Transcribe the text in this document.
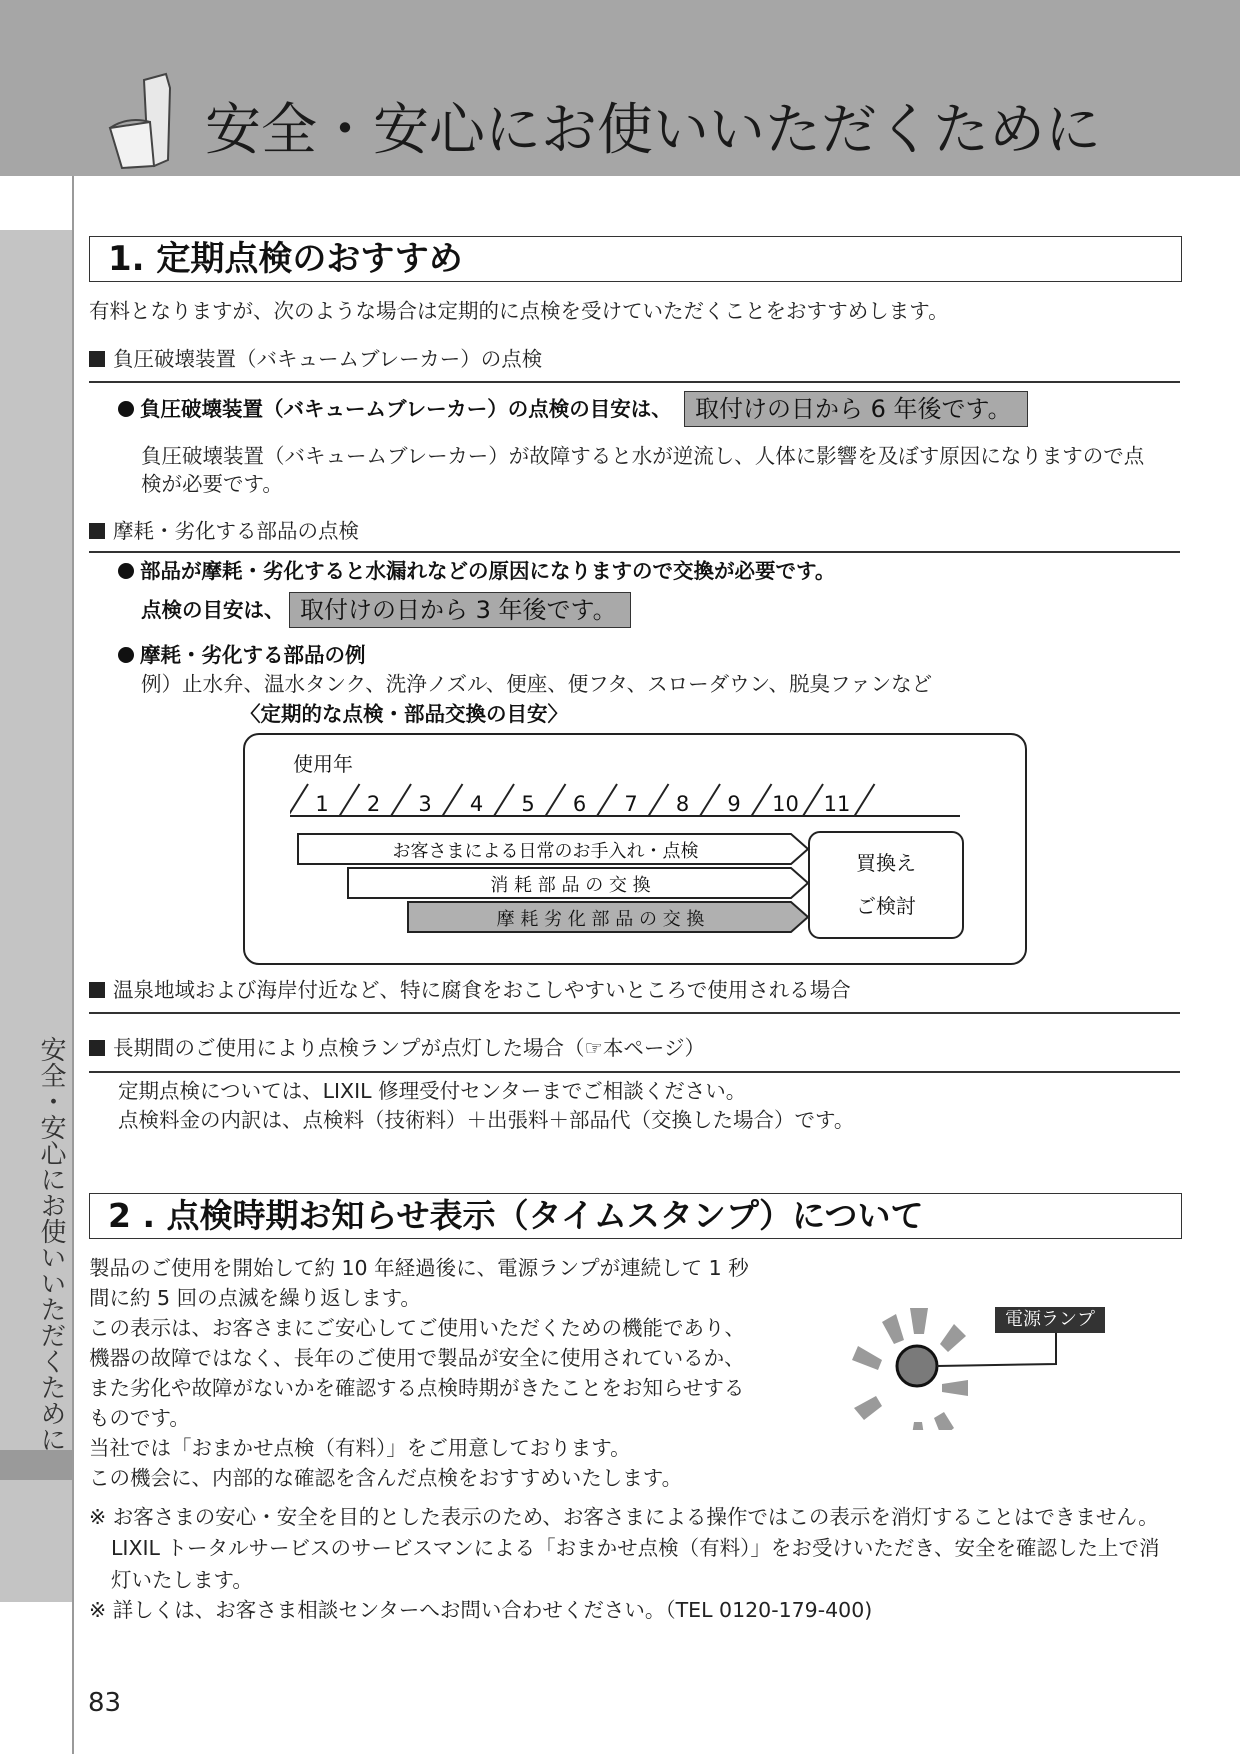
安全・安心にお使いいただくために
安全・安心にお使いいただくために
1. 定期点検のおすすめ
有料となりますが、次のような場合は定期的に点検を受けていただくことをおすすめします。
負圧破壊装置（バキュームブレーカー）の点検
負圧破壊装置（バキュームブレーカー）の点検の目安は、 取付けの日から 6 年後です。
負圧破壊装置（バキュームブレーカー）が故障すると水が逆流し、人体に影響を及ぼす原因になりますので点
検が必要です。
摩耗・劣化する部品の点検
部品が摩耗・劣化すると水漏れなどの原因になりますので交換が必要です。
点検の目安は、 取付けの日から 3 年後です。
摩耗・劣化する部品の例
例）止水弁、温水タンク、洗浄ノズル、便座、便フタ、スローダウン、脱臭ファンなど
〈定期的な点検・部品交換の目安〉
使用年
1 2 3 4 5 6 7 8 9 10 11
お客さまによる日常のお手入れ・点検
消 耗 部 品 の 交 換
摩 耗 劣 化 部 品 の 交 換
買換え
ご検討
温泉地域および海岸付近など、特に腐食をおこしやすいところで使用される場合
長期間のご使用により点検ランプが点灯した場合（☞本ページ）
定期点検については、LIXIL 修理受付センターまでご相談ください。
点検料金の内訳は、点検料（技術料）＋出張料＋部品代（交換した場合）です。
2 . 点検時期お知らせ表示（タイムスタンプ）について
製品のご使用を開始して約 10 年経過後に、電源ランプが連続して 1 秒
間に約 5 回の点滅を繰り返します。
この表示は、お客さまにご安心してご使用いただくための機能であり、
機器の故障ではなく、長年のご使用で製品が安全に使用されているか、
また劣化や故障がないかを確認する点検時期がきたことをお知らせする
ものです。
当社では「おまかせ点検（有料）」をご用意しております。
この機会に、内部的な確認を含んだ点検をおすすめいたします。
電源ランプ
※ お客さまの安心・安全を目的とした表示のため、お客さまによる操作ではこの表示を消灯することはできません。
LIXIL トータルサービスのサービスマンによる「おまかせ点検（有料）」をお受けいただき、安全を確認した上で消
灯いたします。
※ 詳しくは、お客さま相談センターへお問い合わせください。（TEL 0120-179-400)
83
